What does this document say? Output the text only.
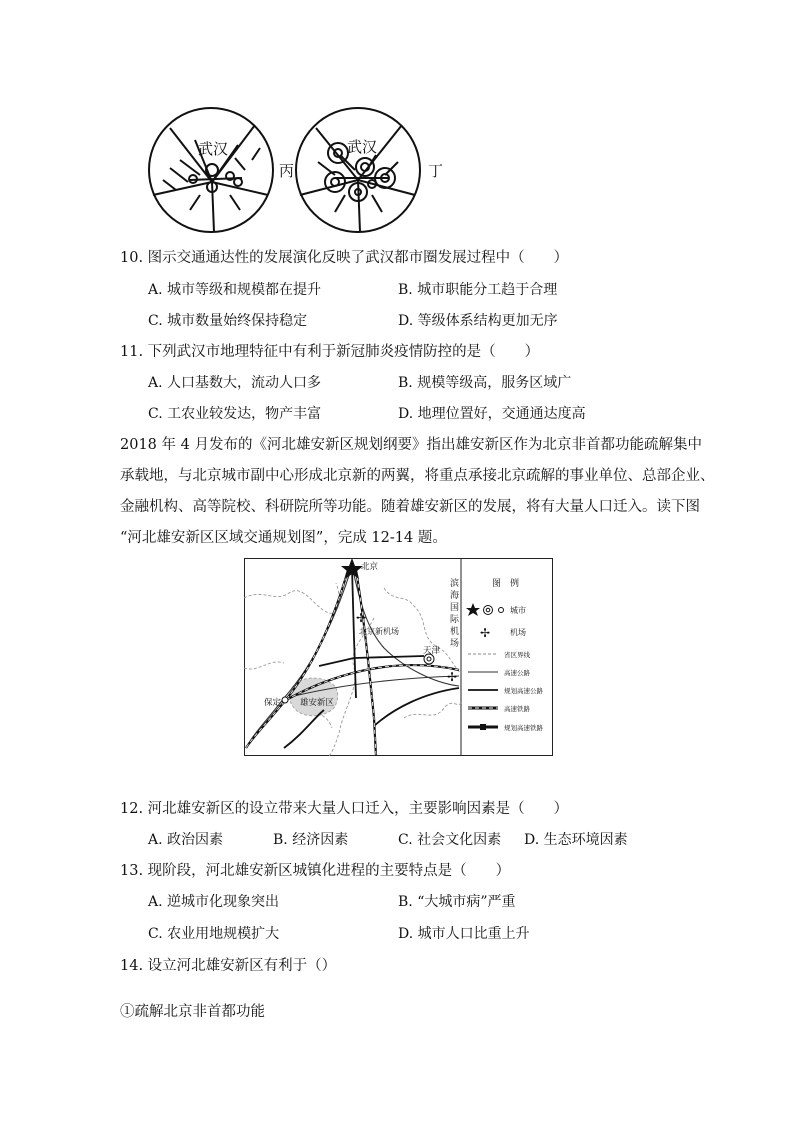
武汉	武汉
丙	丁
10. 图示交通通达性的发展演化反映了武汉都市圈发展过程中（　　）
A. 城市等级和规模都在提升	B. 城市职能分工趋于合理
C. 城市数量始终保持稳定	D. 等级体系结构更加无序
11. 下列武汉市地理特征中有利于新冠肺炎疫情防控的是（　　）
A. 人口基数大，流动人口多	B. 规模等级高，服务区域广
C. 工农业较发达，物产丰富	D. 地理位置好，交通通达度高
2018 年 4 月发布的《河北雄安新区规划纲要》指出雄安新区作为北京非首都功能疏解集中
承载地，与北京城市副中心形成北京新的两翼，将重点承接北京疏解的事业单位、总部企业、
金融机构、高等院校、科研院所等功能。随着雄安新区的发展，将有大量人口迁入。读下图
“河北雄安新区区域交通规划图”，完成 12-14 题。
北京
✢
北京新机场
天津
✢
滨
海
国
际
机
场
保定 雄安新区
图　例
城市
✢ 机场
省区界线
高速公路
规划高速公路
高速铁路
规划高速铁路
12. 河北雄安新区的设立带来大量人口迁入，主要影响因素是（　　）
A. 政治因素	B. 经济因素	C. 社会文化因素 D. 生态环境因素
13. 现阶段，河北雄安新区城镇化进程的主要特点是（　　）
A. 逆城市化现象突出	B. “大城市病”严重
C. 农业用地规模扩大	D. 城市人口比重上升
14. 设立河北雄安新区有利于（）
①疏解北京非首都功能
